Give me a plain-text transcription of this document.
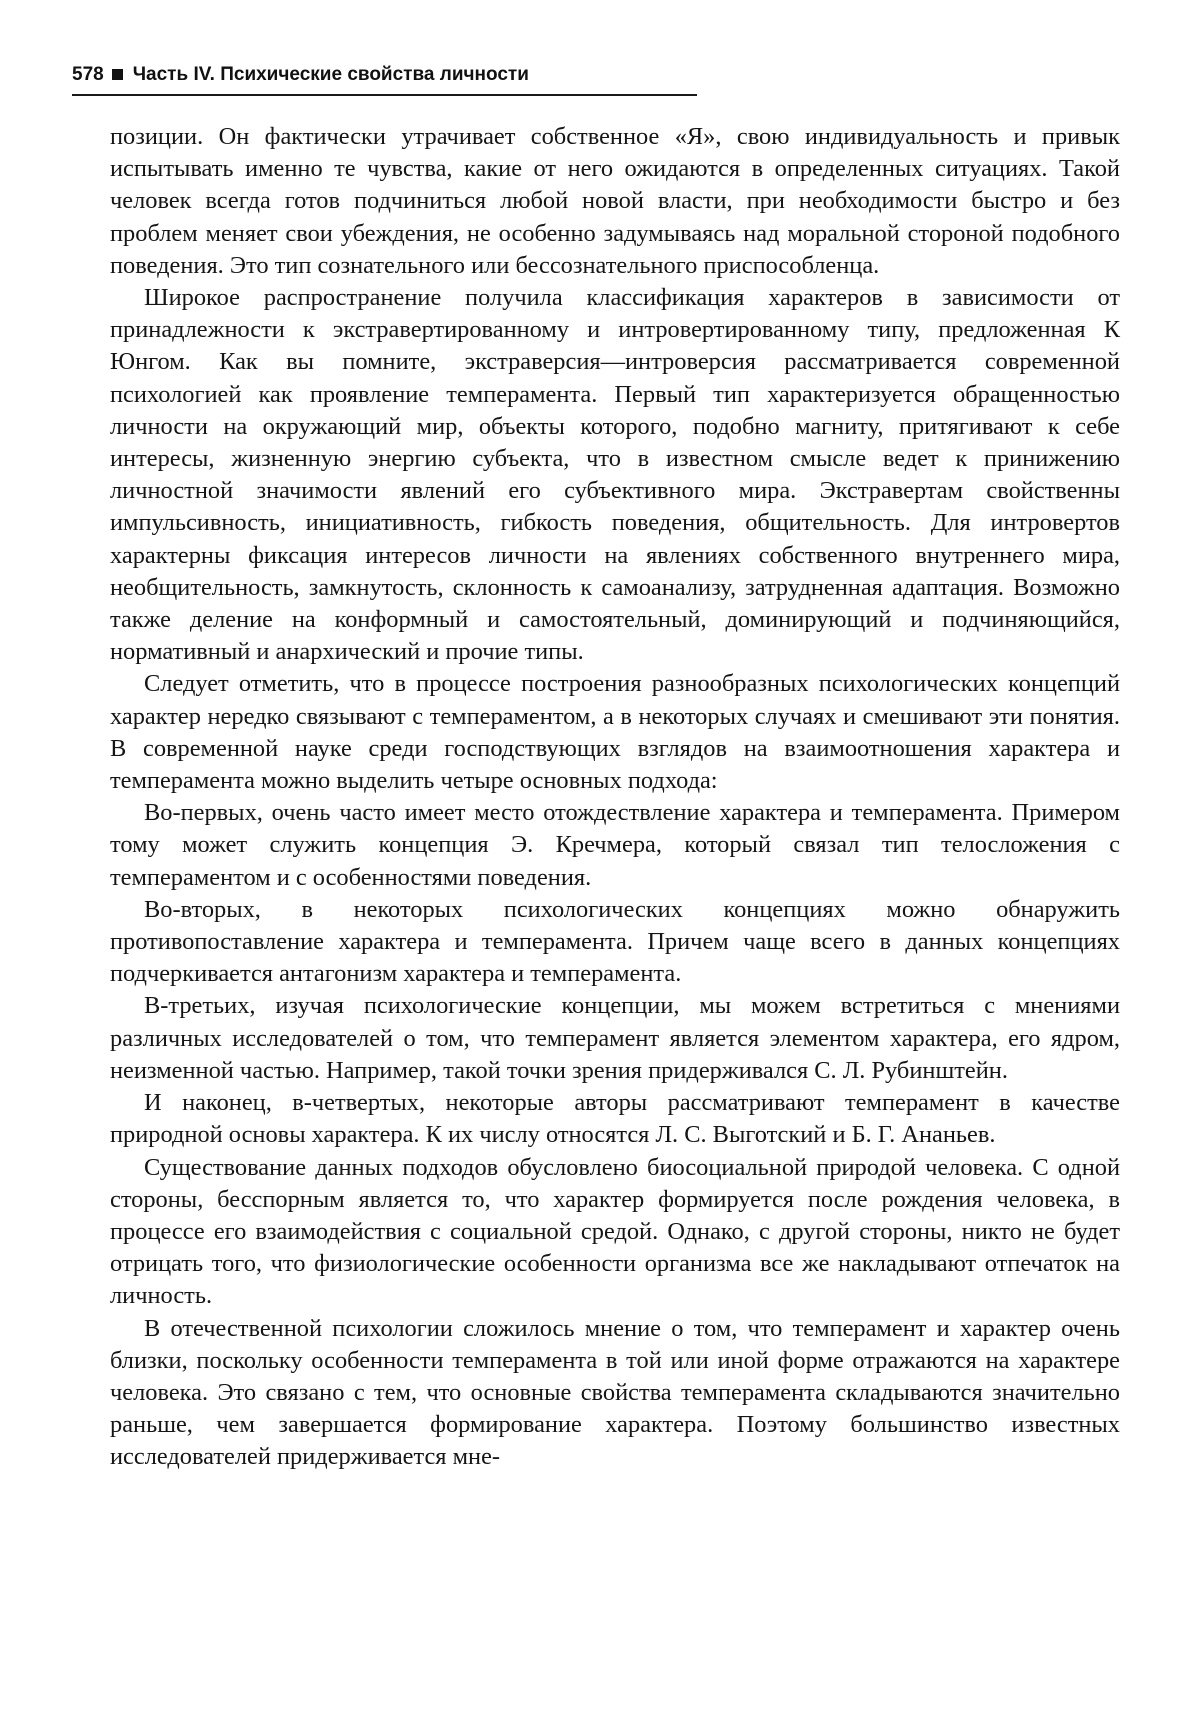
578 Часть IV. Психические свойства личности

позиции. Он фактически утрачивает собственное «Я», свою индивидуальность и привык испытывать именно те чувства, какие от него ожидаются в определенных ситуациях. Такой человек всегда готов подчиниться любой новой власти, при необходимости быстро и без проблем меняет свои убеждения, не особенно задумываясь над моральной стороной подобного поведения. Это тип сознательного или бессознательного приспособленца.

Широкое распространение получила классификация характеров в зависимости от принадлежности к экстравертированному и интровертированному типу, предложенная К Юнгом. Как вы помните, экстраверсия—интроверсия рассматривается современной психологией как проявление темперамента. Первый тип характеризуется обращенностью личности на окружающий мир, объекты которого, подобно магниту, притягивают к себе интересы, жизненную энергию субъекта, что в известном смысле ведет к принижению личностной значимости явлений его субъективного мира. Экстравертам свойственны импульсивность, инициативность, гибкость поведения, общительность. Для интровертов характерны фиксация интересов личности на явлениях собственного внутреннего мира, необщительность, замкнутость, склонность к самоанализу, затрудненная адаптация. Возможно также деление на конформный и самостоятельный, доминирующий и подчиняющийся, нормативный и анархический и прочие типы.

Следует отметить, что в процессе построения разнообразных психологических концепций характер нередко связывают с темпераментом, а в некоторых случаях и смешивают эти понятия. В современной науке среди господствующих взглядов на взаимоотношения характера и темперамента можно выделить четыре основных подхода:

Во-первых, очень часто имеет место отождествление характера и темперамента. Примером тому может служить концепция Э. Кречмера, который связал тип телосложения с темпераментом и с особенностями поведения.

Во-вторых, в некоторых психологических концепциях можно обнаружить противопоставление характера и темперамента. Причем чаще всего в данных концепциях подчеркивается антагонизм характера и темперамента.

В-третьих, изучая психологические концепции, мы можем встретиться с мнениями различных исследователей о том, что темперамент является элементом характера, его ядром, неизменной частью. Например, такой точки зрения придерживался С. Л. Рубинштейн.

И наконец, в-четвертых, некоторые авторы рассматривают темперамент в качестве природной основы характера. К их числу относятся Л. С. Выготский и Б. Г. Ананьев.

Существование данных подходов обусловлено биосоциальной природой человека. С одной стороны, бесспорным является то, что характер формируется после рождения человека, в процессе его взаимодействия с социальной средой. Однако, с другой стороны, никто не будет отрицать того, что физиологические особенности организма все же накладывают отпечаток на личность.

В отечественной психологии сложилось мнение о том, что темперамент и характер очень близки, поскольку особенности темперамента в той или иной форме отражаются на характере человека. Это связано с тем, что основные свойства темперамента складываются значительно раньше, чем завершается формирование характера. Поэтому большинство известных исследователей придерживается мне-
